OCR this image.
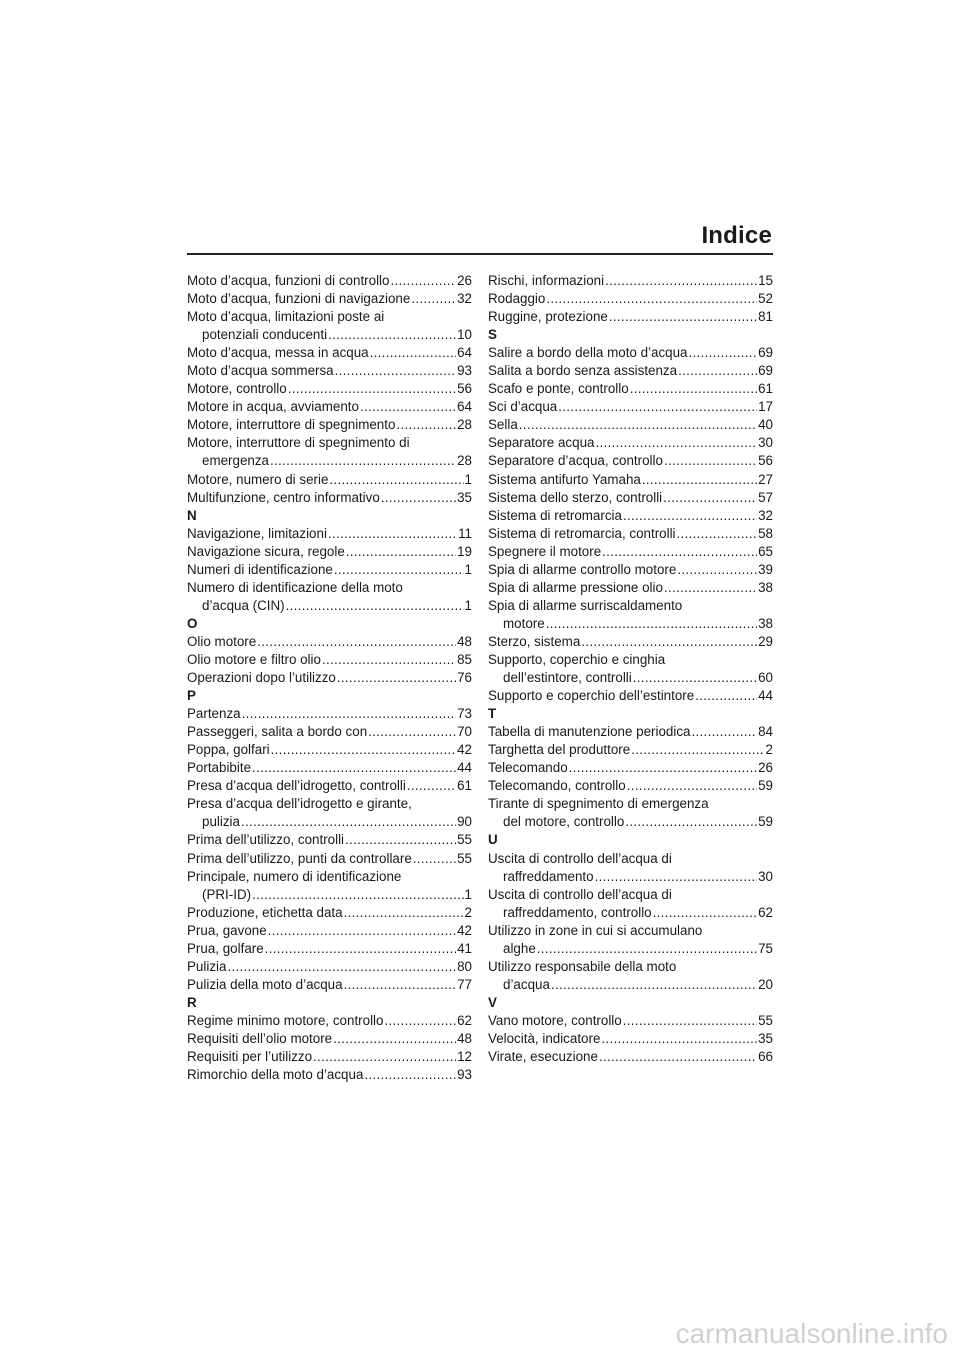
Indice
Moto d’acqua, funzioni di controllo .....	26
Moto d’acqua, funzioni di navigazione .....	32
Moto d’acqua, limitazioni poste ai
potenziali conducenti .....	10
Moto d’acqua, messa in acqua .....	64
Moto d’acqua sommersa .....	93
Motore, controllo .....	56
Motore in acqua, avviamento .....	64
Motore, interruttore di spegnimento .....	28
Motore, interruttore di spegnimento di
emergenza .....	28
Motore, numero di serie .....	1
Multifunzione, centro informativo .....	35
N
Navigazione, limitazioni .....	11
Navigazione sicura, regole .....	19
Numeri di identificazione .....	1
Numero di identificazione della moto
d’acqua (CIN) .....	1
O
Olio motore .....	48
Olio motore e filtro olio .....	85
Operazioni dopo l’utilizzo .....	76
P
Partenza .....	73
Passeggeri, salita a bordo con .....	70
Poppa, golfari .....	42
Portabibite .....	44
Presa d’acqua dell’idrogetto, controlli .....	61
Presa d’acqua dell’idrogetto e girante,
pulizia .....	90
Prima dell’utilizzo, controlli .....	55
Prima dell’utilizzo, punti da controllare .....	55
Principale, numero di identificazione
(PRI-ID) .....	1
Produzione, etichetta data .....	2
Prua, gavone .....	42
Prua, golfare .....	41
Pulizia .....	80
Pulizia della moto d’acqua .....	77
R
Regime minimo motore, controllo .....	62
Requisiti dell’olio motore .....	48
Requisiti per l’utilizzo .....	12
Rimorchio della moto d’acqua .....	93
Rischi, informazioni .....	15
Rodaggio .....	52
Ruggine, protezione .....	81
S
Salire a bordo della moto d’acqua .....	69
Salita a bordo senza assistenza .....	69
Scafo e ponte, controllo .....	61
Sci d’acqua .....	17
Sella .....	40
Separatore acqua .....	30
Separatore d’acqua, controllo .....	56
Sistema antifurto Yamaha .....	27
Sistema dello sterzo, controlli .....	57
Sistema di retromarcia .....	32
Sistema di retromarcia, controlli .....	58
Spegnere il motore .....	65
Spia di allarme controllo motore .....	39
Spia di allarme pressione olio .....	38
Spia di allarme surriscaldamento
motore .....	38
Sterzo, sistema .....	29
Supporto, coperchio e cinghia
dell’estintore, controlli .....	60
Supporto e coperchio dell’estintore .....	44
T
Tabella di manutenzione periodica .....	84
Targhetta del produttore .....	2
Telecomando .....	26
Telecomando, controllo .....	59
Tirante di spegnimento di emergenza
del motore, controllo .....	59
U
Uscita di controllo dell’acqua di
raffreddamento .....	30
Uscita di controllo dell’acqua di
raffreddamento, controllo .....	62
Utilizzo in zone in cui si accumulano
alghe .....	75
Utilizzo responsabile della moto
d’acqua .....	20
V
Vano motore, controllo .....	55
Velocità, indicatore .....	35
Virate, esecuzione .....	66
carmanualsonline.info
